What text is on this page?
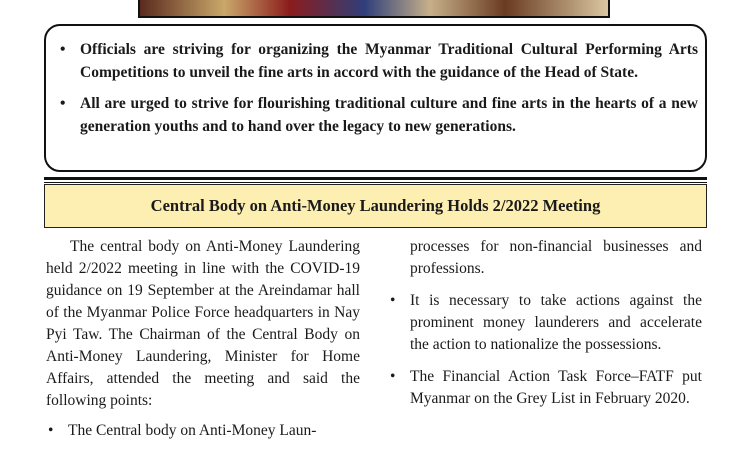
• Officials are striving for organizing the Myanmar Traditional Cultural Performing Arts Competitions to unveil the fine arts in accord with the guidance of the Head of State.
• All are urged to strive for flourishing traditional culture and fine arts in the hearts of a new generation youths and to hand over the legacy to new generations.
Central Body on Anti-Money Laundering Holds 2/2022 Meeting

The central body on Anti-Money Laundering held 2/2022 meeting in line with the COVID-19 guidance on 19 September at the Areindamar hall of the Myanmar Police Force headquarters in Nay Pyi Taw. The Chairman of the Central Body on Anti-Money Laundering, Minister for Home Affairs, attended the meeting and said the following points:

• The Central body on Anti-Money Laun-

processes for non-financial businesses and professions.

• It is necessary to take actions against the prominent money launderers and accelerate the action to nationalize the possessions.
• The Financial Action Task Force–FATF put Myanmar on the Grey List in February 2020.
